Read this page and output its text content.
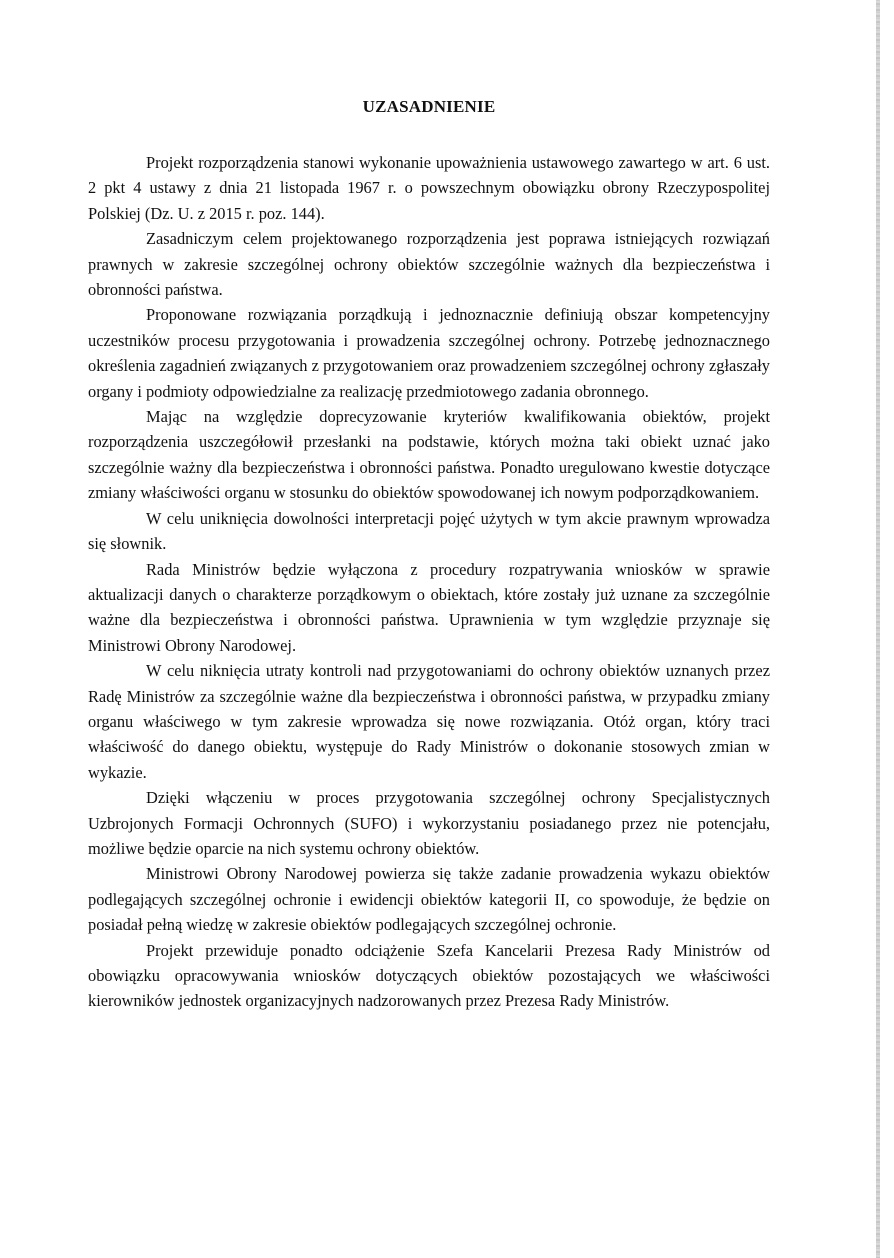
UZASADNIENIE

Projekt rozporządzenia stanowi wykonanie upoważnienia ustawowego zawartego w art. 6 ust. 2 pkt 4 ustawy z dnia 21 listopada 1967 r. o powszechnym obowiązku obrony Rzeczypospolitej Polskiej (Dz. U. z 2015 r. poz. 144).

Zasadniczym celem projektowanego rozporządzenia jest poprawa istniejących rozwiązań prawnych w zakresie szczególnej ochrony obiektów szczególnie ważnych dla bezpieczeństwa i obronności państwa.

Proponowane rozwiązania porządkują i jednoznacznie definiują obszar kompetencyjny uczestników procesu przygotowania i prowadzenia szczególnej ochrony. Potrzebę jednoznacznego określenia zagadnień związanych z przygotowaniem oraz prowadzeniem szczególnej ochrony zgłaszały organy i podmioty odpowiedzialne za realizację przedmiotowego zadania obronnego.

Mając na względzie doprecyzowanie kryteriów kwalifikowania obiektów, projekt rozporządzenia uszczegółowił przesłanki na podstawie, których można taki obiekt uznać jako szczególnie ważny dla bezpieczeństwa i obronności państwa. Ponadto uregulowano kwestie dotyczące zmiany właściwości organu w stosunku do obiektów spowodowanej ich nowym podporządkowaniem.

W celu uniknięcia dowolności interpretacji pojęć użytych w tym akcie prawnym wprowadza się słownik.

Rada Ministrów będzie wyłączona z procedury rozpatrywania wniosków w sprawie aktualizacji danych o charakterze porządkowym o obiektach, które zostały już uznane za szczególnie ważne dla bezpieczeństwa i obronności państwa. Uprawnienia w tym względzie przyznaje się Ministrowi Obrony Narodowej.

W celu niknięcia utraty kontroli nad przygotowaniami do ochrony obiektów uznanych przez Radę Ministrów za szczególnie ważne dla bezpieczeństwa i obronności państwa, w przypadku zmiany organu właściwego w tym zakresie wprowadza się nowe rozwiązania. Otóż organ, który traci właściwość do danego obiektu, występuje do Rady Ministrów o dokonanie stosowych zmian w wykazie.

Dzięki włączeniu w proces przygotowania szczególnej ochrony Specjalistycznych Uzbrojonych Formacji Ochronnych (SUFO) i wykorzystaniu posiadanego przez nie potencjału, możliwe będzie oparcie na nich systemu ochrony obiektów.

Ministrowi Obrony Narodowej powierza się także zadanie prowadzenia wykazu obiektów podlegających szczególnej ochronie i ewidencji obiektów kategorii II, co spowoduje, że będzie on posiadał pełną wiedzę w zakresie obiektów podlegających szczególnej ochronie.

Projekt przewiduje ponadto odciążenie Szefa Kancelarii Prezesa Rady Ministrów od obowiązku opracowywania wniosków dotyczących obiektów pozostających we właściwości kierowników jednostek organizacyjnych nadzorowanych przez Prezesa Rady Ministrów.
